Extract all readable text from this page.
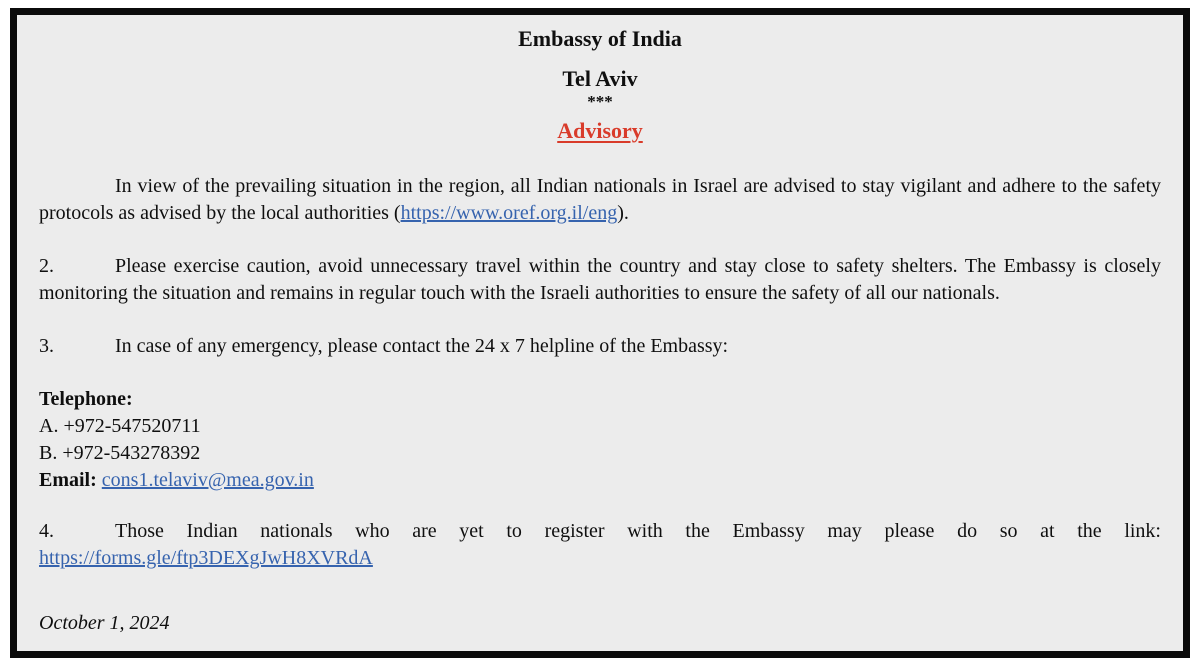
Embassy of India
Tel Aviv
***
Advisory

In view of the prevailing situation in the region, all Indian nationals in Israel are advised to stay vigilant and adhere to the safety protocols as advised by the local authorities (https://www.oref.org.il/eng).

2.	Please exercise caution, avoid unnecessary travel within the country and stay close to safety shelters. The Embassy is closely monitoring the situation and remains in regular touch with the Israeli authorities to ensure the safety of all our nationals.

3.	In case of any emergency, please contact the 24 x 7 helpline of the Embassy:

Telephone:
A. +972-547520711
B. +972-543278392
Email: cons1.telaviv@mea.gov.in

4.	Those Indian nationals who are yet to register with the Embassy may please do so at the link:
https://forms.gle/ftp3DEXgJwH8XVRdA

October 1, 2024
